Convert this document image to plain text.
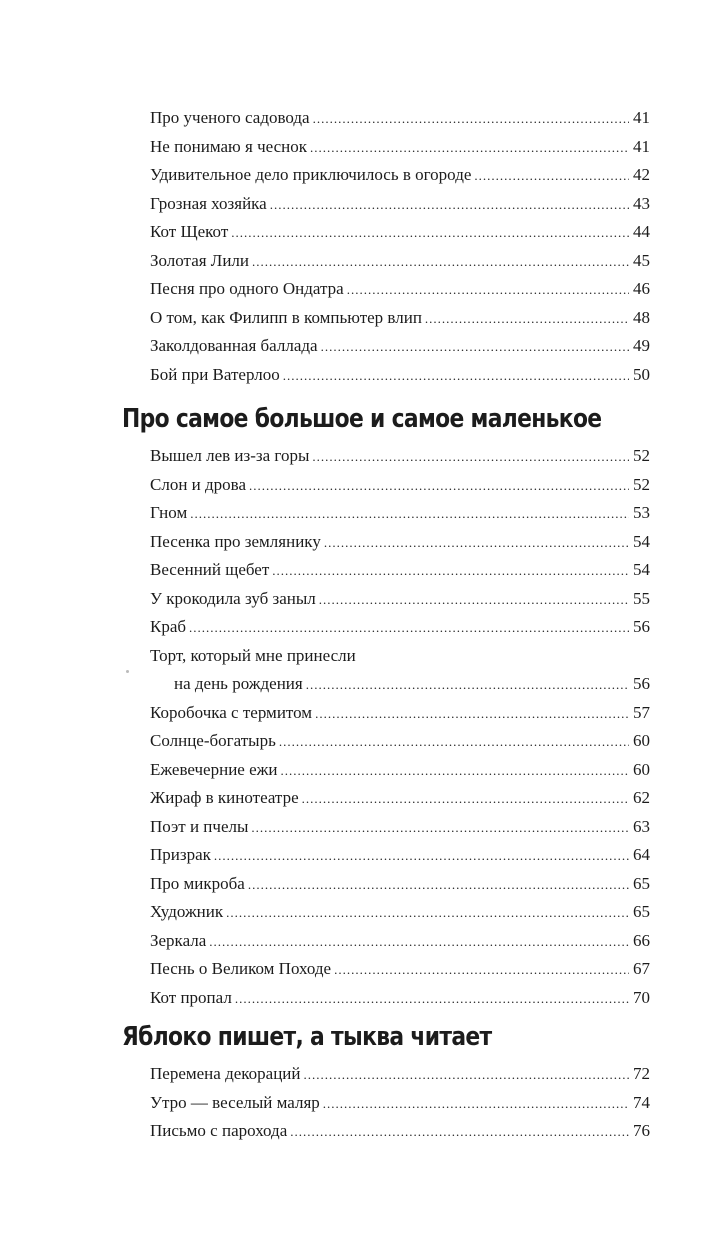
Про ученого садовода .....	41
Не понимаю я чеснок .....	41
Удивительное дело приключилось в огороде .....	42
Грозная хозяйка .....	43
Кот Щекот .....	44
Золотая Лили .....	45
Песня про одного Ондатра .....	46
О том, как Филипп в компьютер влип .....	48
Заколдованная баллада .....	49
Бой при Ватерлоо .....	50
Про самое большое и самое маленькое
Вышел лев из-за горы .....	52
Слон и дрова .....	52
Гном .....	53
Песенка про землянику .....	54
Весенний щебет .....	54
У крокодила зуб заныл .....	55
Краб .....	56
Торт, который мне принесли
на день рождения .....	56
Коробочка с термитом .....	57
Солнце-богатырь .....	60
Ежевечерние ежи .....	60
Жираф в кинотеатре .....	62
Поэт и пчелы .....	63
Призрак .....	64
Про микроба .....	65
Художник .....	65
Зеркала .....	66
Песнь о Великом Походе .....	67
Кот пропал .....	70
Яблоко пишет, а тыква читает
Перемена декораций .....	72
Утро — веселый маляр .....	74
Письмо с парохода .....	76
